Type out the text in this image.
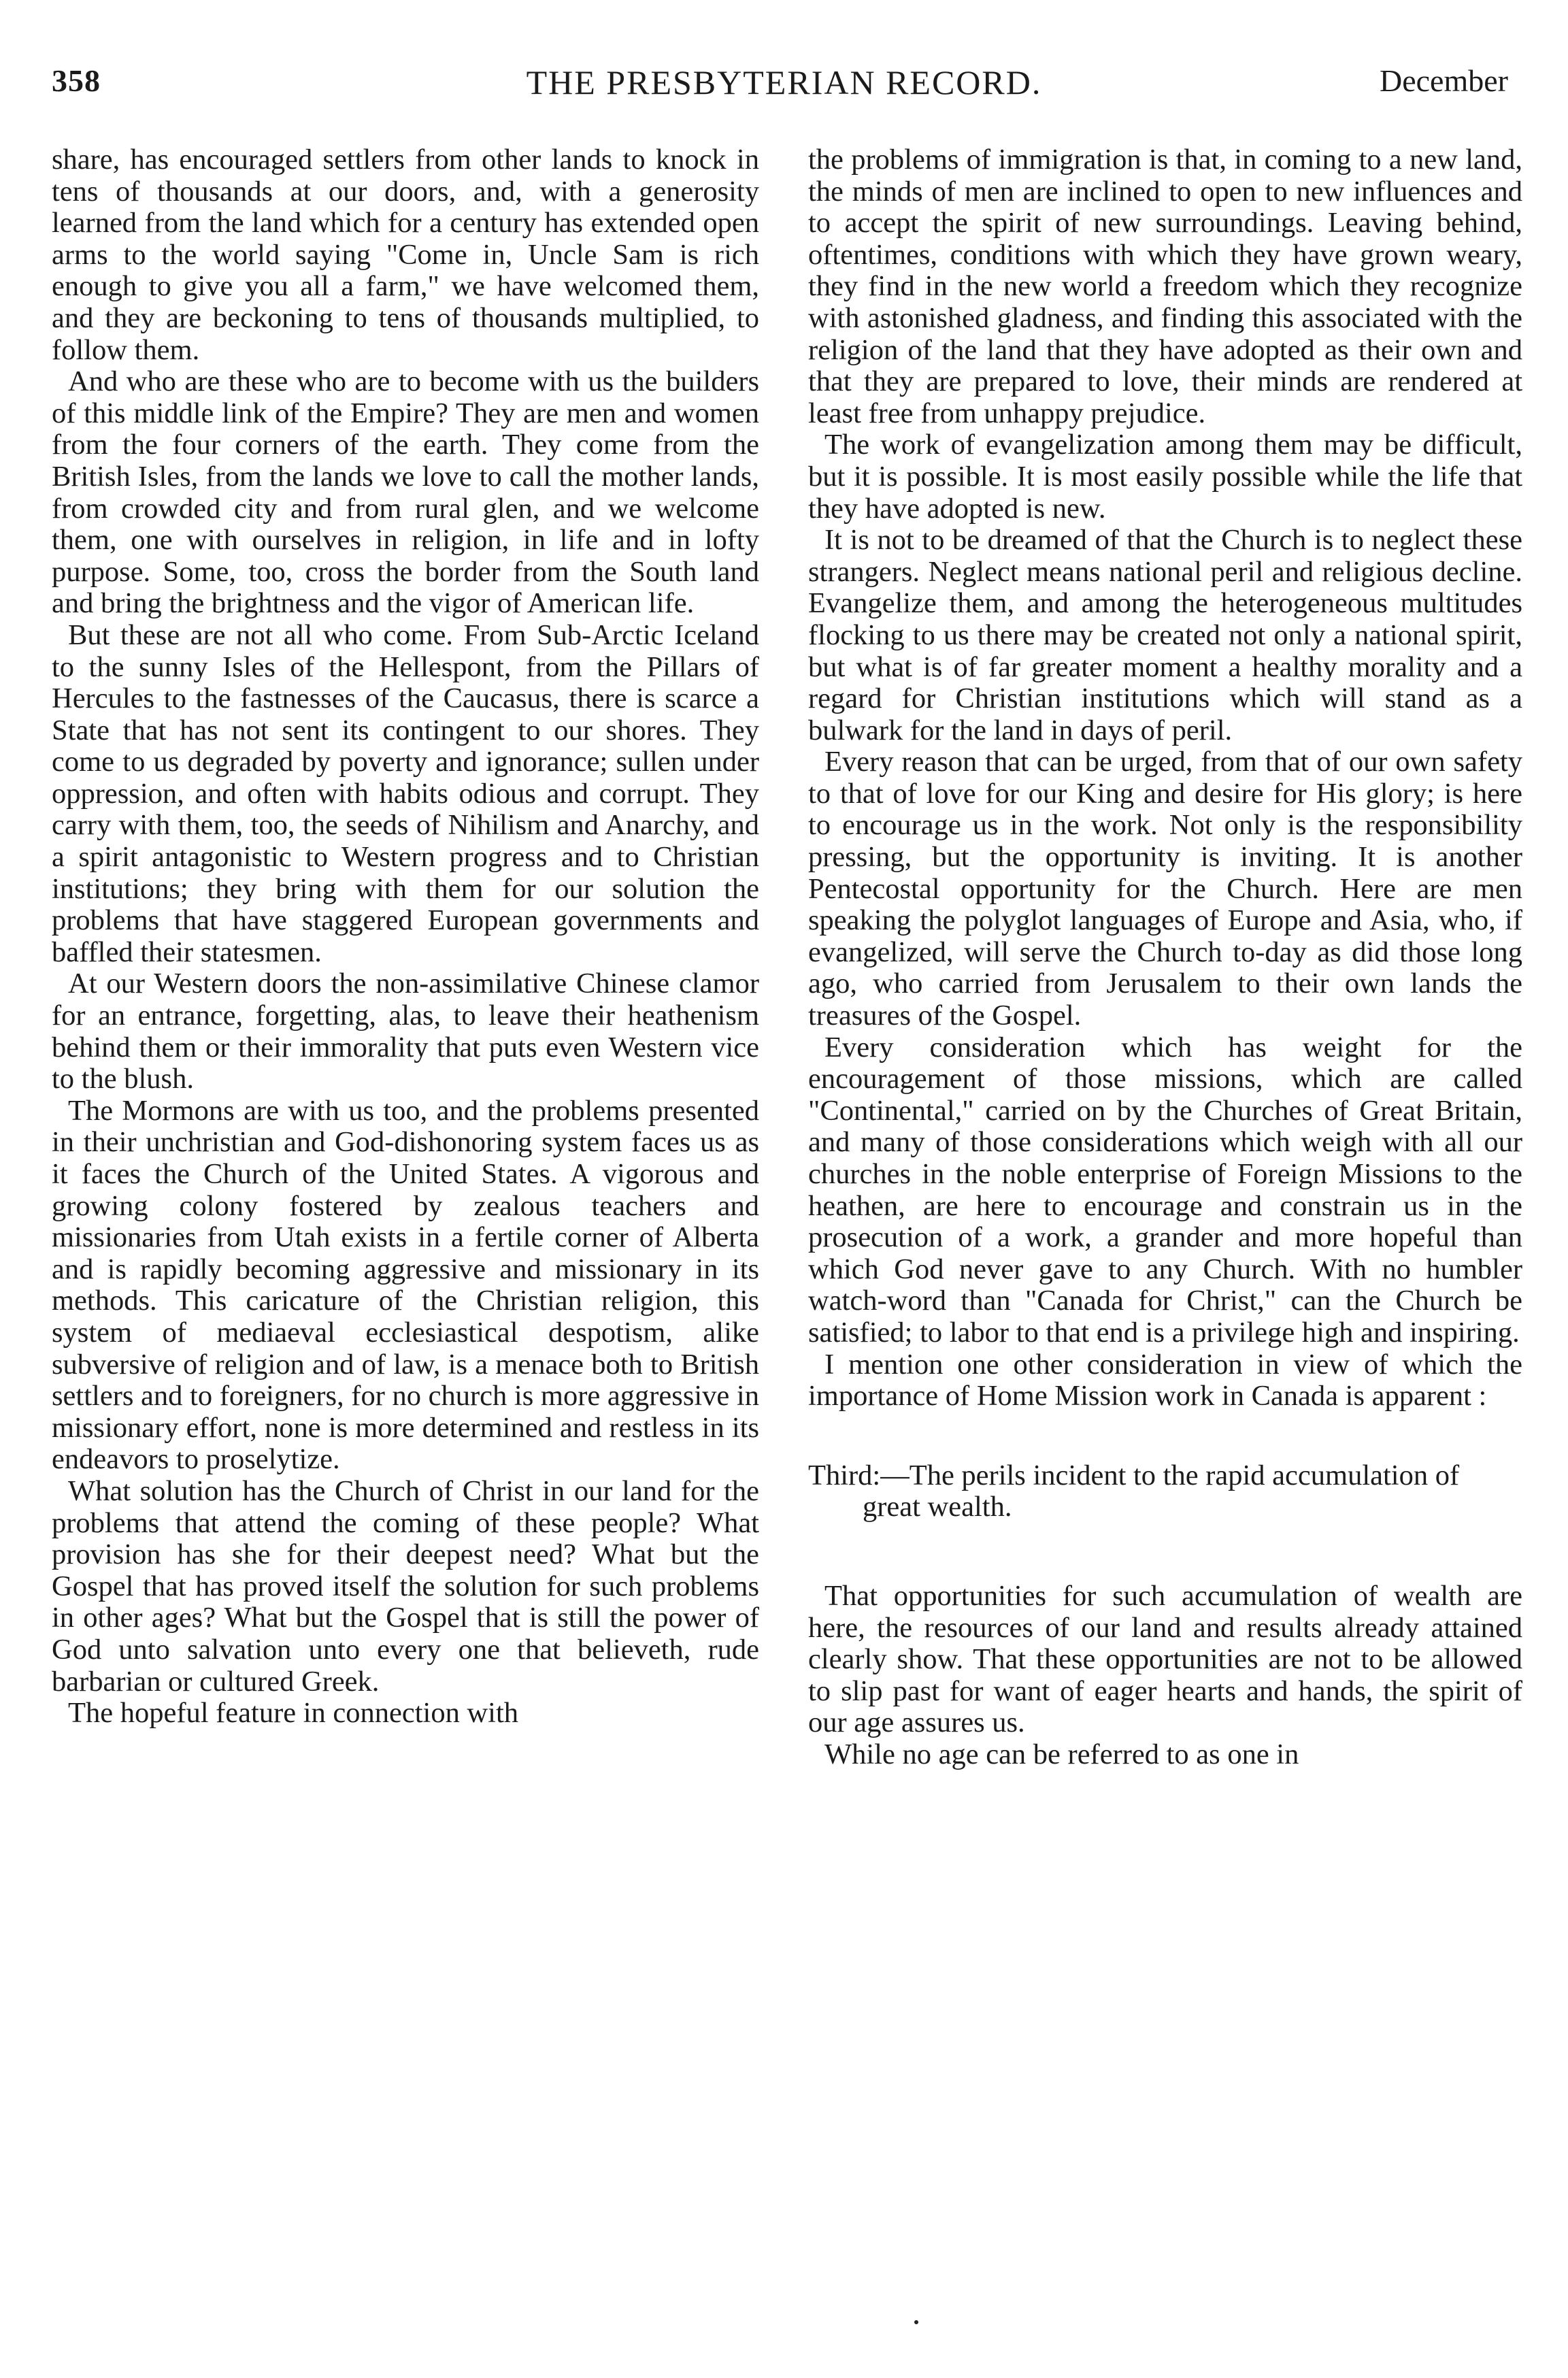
358	THE PRESBYTERIAN RECORD.	December

share, has encouraged settlers from other lands to knock in tens of thousands at our doors, and, with a generosity learned from the land which for a century has extended open arms to the world saying "Come in, Uncle Sam is rich enough to give you all a farm," we have welcomed them, and they are beckoning to tens of thousands multiplied, to follow them.

And who are these who are to become with us the builders of this middle link of the Empire? They are men and women from the four corners of the earth. They come from the British Isles, from the lands we love to call the mother lands, from crowded city and from rural glen, and we welcome them, one with ourselves in religion, in life and in lofty purpose. Some, too, cross the border from the South land and bring the brightness and the vigor of American life.

But these are not all who come. From Sub-Arctic Iceland to the sunny Isles of the Hellespont, from the Pillars of Hercules to the fastnesses of the Caucasus, there is scarce a State that has not sent its contingent to our shores. They come to us degraded by poverty and ignorance; sullen under oppression, and often with habits odious and corrupt. They carry with them, too, the seeds of Nihilism and Anarchy, and a spirit antagonistic to Western progress and to Christian institutions; they bring with them for our solution the problems that have staggered European governments and baffled their statesmen.

At our Western doors the non-assimilative Chinese clamor for an entrance, forgetting, alas, to leave their heathenism behind them or their immorality that puts even Western vice to the blush.

The Mormons are with us too, and the problems presented in their unchristian and God-dishonoring system faces us as it faces the Church of the United States. A vigorous and growing colony fostered by zealous teachers and missionaries from Utah exists in a fertile corner of Alberta and is rapidly becoming aggressive and missionary in its methods. This caricature of the Christian religion, this system of mediaeval ecclesiastical despotism, alike subversive of religion and of law, is a menace both to British settlers and to foreigners, for no church is more aggressive in missionary effort, none is more determined and restless in its endeavors to proselytize.

What solution has the Church of Christ in our land for the problems that attend the coming of these people? What provision has she for their deepest need? What but the Gospel that has proved itself the solution for such problems in other ages? What but the Gospel that is still the power of God unto salvation unto every one that believeth, rude barbarian or cultured Greek.

The hopeful feature in connection with

the problems of immigration is that, in coming to a new land, the minds of men are inclined to open to new influences and to accept the spirit of new surroundings. Leaving behind, oftentimes, conditions with which they have grown weary, they find in the new world a freedom which they recognize with astonished gladness, and finding this associated with the religion of the land that they have adopted as their own and that they are prepared to love, their minds are rendered at least free from unhappy prejudice.

The work of evangelization among them may be difficult, but it is possible. It is most easily possible while the life that they have adopted is new.

It is not to be dreamed of that the Church is to neglect these strangers. Neglect means national peril and religious decline. Evangelize them, and among the heterogeneous multitudes flocking to us there may be created not only a national spirit, but what is of far greater moment a healthy morality and a regard for Christian institutions which will stand as a bulwark for the land in days of peril.

Every reason that can be urged, from that of our own safety to that of love for our King and desire for His glory; is here to encourage us in the work. Not only is the responsibility pressing, but the opportunity is inviting. It is another Pentecostal opportunity for the Church. Here are men speaking the polyglot languages of Europe and Asia, who, if evangelized, will serve the Church to-day as did those long ago, who carried from Jerusalem to their own lands the treasures of the Gospel.

Every consideration which has weight for the encouragement of those missions, which are called "Continental," carried on by the Churches of Great Britain, and many of those considerations which weigh with all our churches in the noble enterprise of Foreign Missions to the heathen, are here to encourage and constrain us in the prosecution of a work, a grander and more hopeful than which God never gave to any Church. With no humbler watch-word than "Canada for Christ," can the Church be satisfied; to labor to that end is a privilege high and inspiring.

I mention one other consideration in view of which the importance of Home Mission work in Canada is apparent :

Third:—The perils incident to the rapid accumulation of great wealth.

That opportunities for such accumulation of wealth are here, the resources of our land and results already attained clearly show. That these opportunities are not to be allowed to slip past for want of eager hearts and hands, the spirit of our age assures us.

While no age can be referred to as one in
